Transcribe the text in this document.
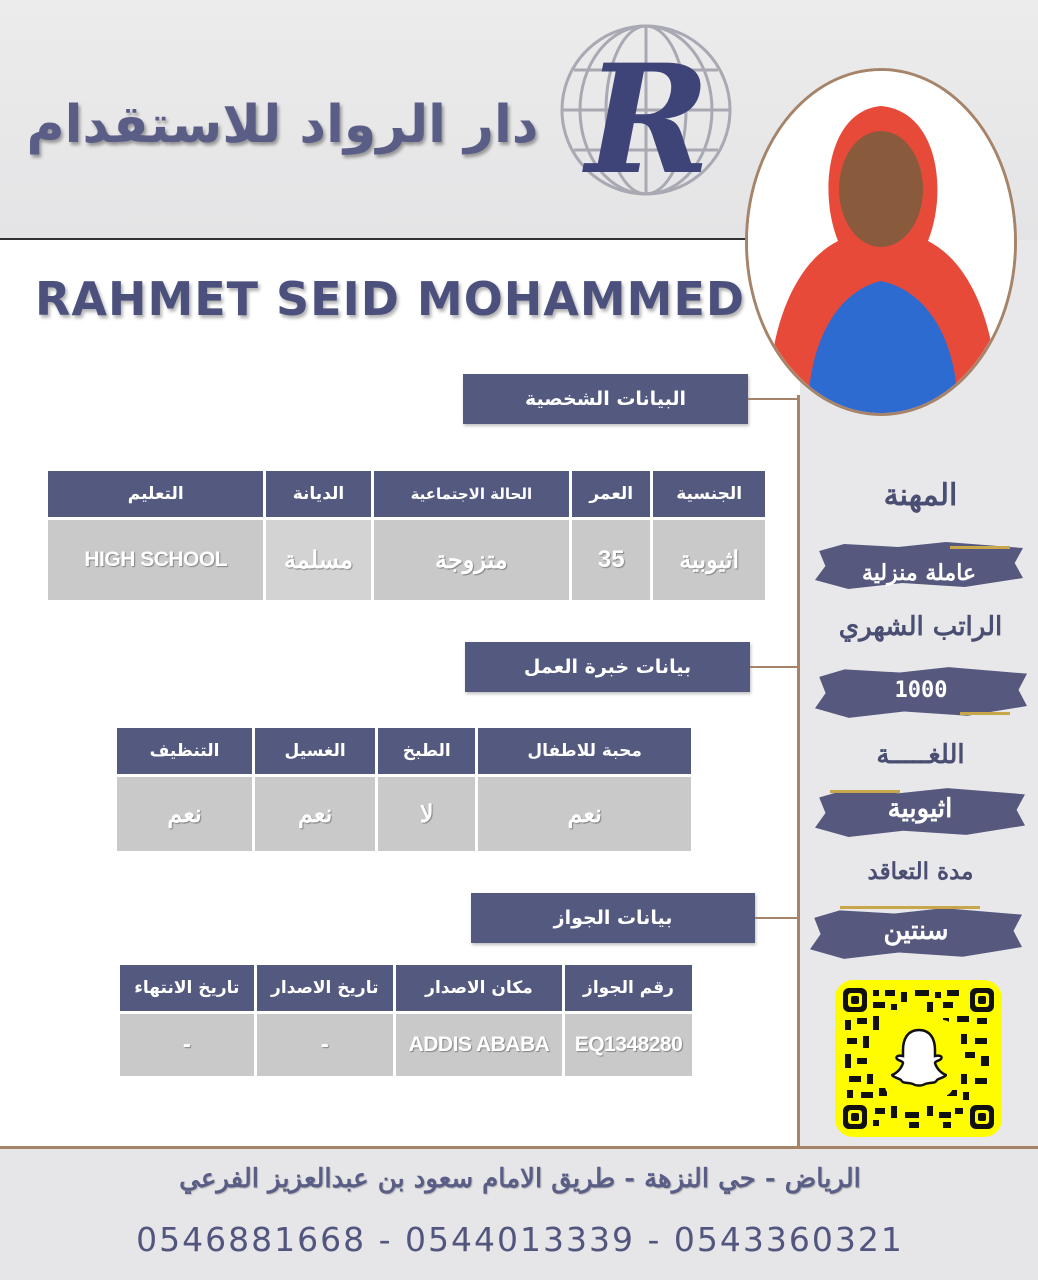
دار الرواد للاستقدام R
RAHMET SEID MOHAMMED
البيانات الشخصية
الجنسية	العمر	الحالة الاجتماعية	الديانة	التعليم
اثيوبية	35	متزوجة	مسلمة	HIGH SCHOOL
بيانات خبرة العمل
محبة للاطفال	الطبخ	الغسيل	التنظيف
نعم	لا	نعم	نعم
بيانات الجواز
رقم الجواز	مكان الاصدار	تاريخ الاصدار	تاريخ الانتهاء
EQ1348280	ADDIS ABABA	-	-
المهنة
عاملة منزلية
الراتب الشهري
1000
اللغـــــة
اثيوبية
مدة التعاقد
سنتين
الرياض - حي النزهة - طريق الامام سعود بن عبدالعزيز الفرعي
0546881668 - 0544013339 - 0543360321
